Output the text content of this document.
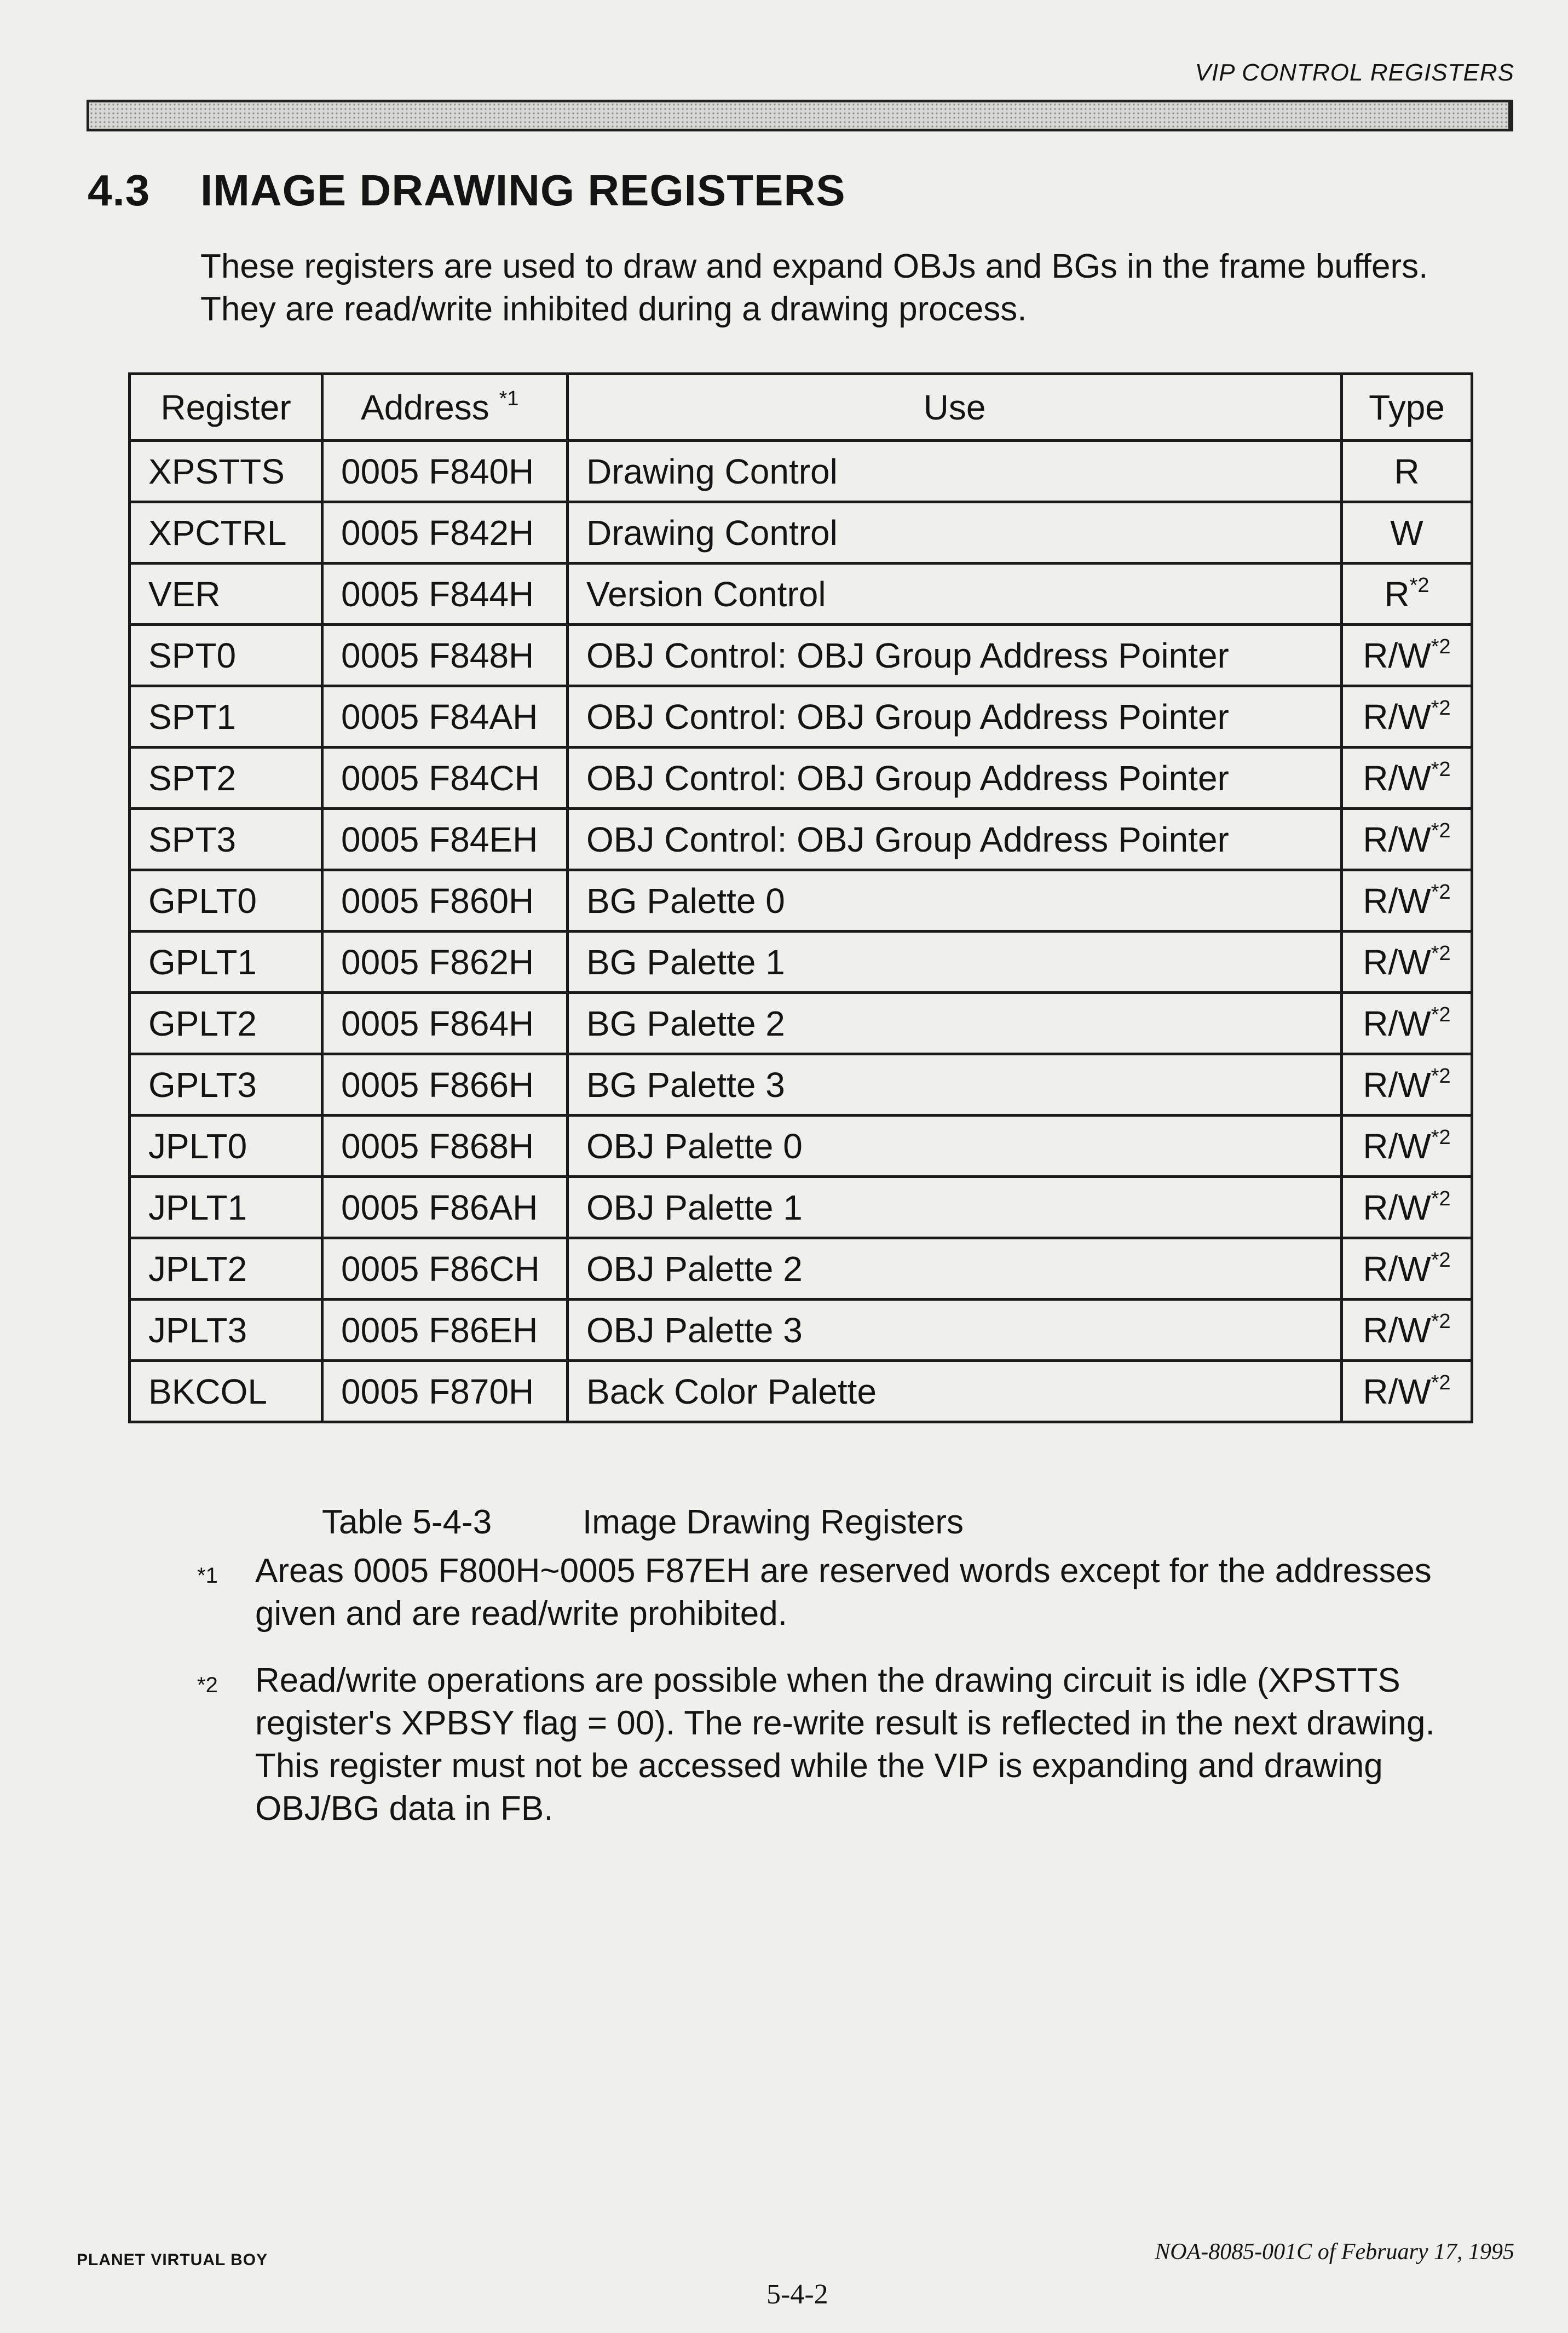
VIP CONTROL REGISTERS
4.3 IMAGE DRAWING REGISTERS
These registers are used to draw and expand OBJs and BGs in the frame buffers.
They are read/write inhibited during a drawing process.
Register	Address $^{*1}$	Use	Type
XPSTTS	0005 F840H	Drawing Control	R
XPCTRL	0005 F842H	Drawing Control	W
VER	0005 F844H	Version Control	$R^{*2}$
SPT0	0005 F848H	OBJ Control: OBJ Group Address Pointer	$R/W^{*2}$
SPT1	0005 F84AH	OBJ Control: OBJ Group Address Pointer	$R/W^{*2}$
SPT2	0005 F84CH	OBJ Control: OBJ Group Address Pointer	$R/W^{*2}$
SPT3	0005 F84EH	OBJ Control: OBJ Group Address Pointer	$R/W^{*2}$
GPLT0	0005 F860H	BG Palette 0	$R/W^{*2}$
GPLT1	0005 F862H	BG Palette 1	$R/W^{*2}$
GPLT2	0005 F864H	BG Palette 2	$R/W^{*2}$
GPLT3	0005 F866H	BG Palette 3	$R/W^{*2}$
JPLT0	0005 F868H	OBJ Palette 0	$R/W^{*2}$
JPLT1	0005 F86AH	OBJ Palette 1	$R/W^{*2}$
JPLT2	0005 F86CH	OBJ Palette 2	$R/W^{*2}$
JPLT3	0005 F86EH	OBJ Palette 3	$R/W^{*2}$
BKCOL	0005 F870H	Back Color Palette	$R/W^{*2}$
Table 5-4-3	Image Drawing Registers
*1 Areas 0005 F800H~0005 F87EH are reserved words except for the addresses
given and are read/write prohibited.
*2 Read/write operations are possible when the drawing circuit is idle (XPSTTS
register's XPBSY flag = 00). The re-write result is reflected in the next drawing.
This register must not be accessed while the VIP is expanding and drawing
OBJ/BG data in FB.
PLANET VIRTUAL BOY	NOA-8085-001C of February 17, 1995
5-4-2
